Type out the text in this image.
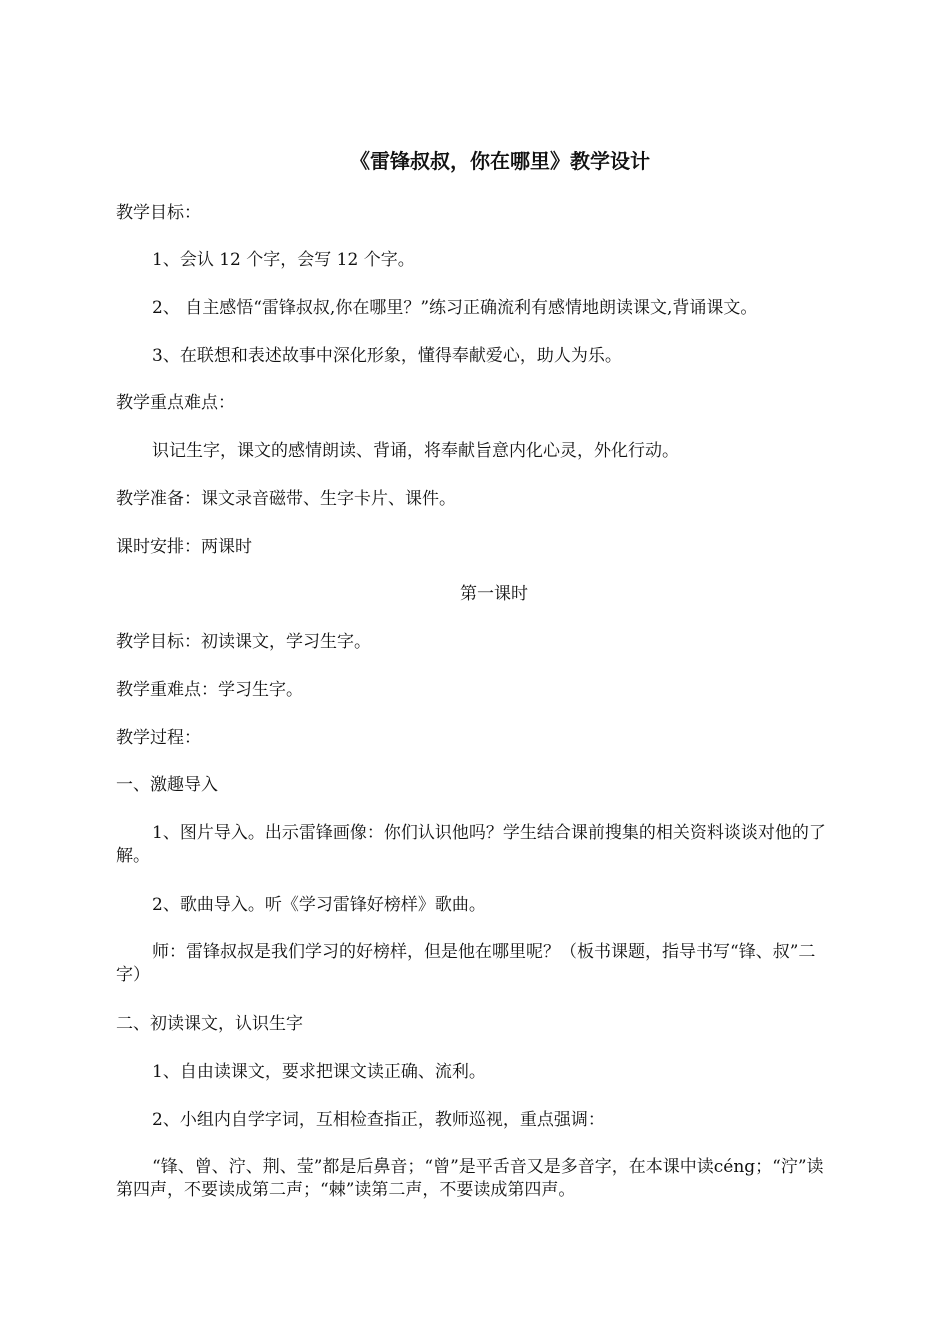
《雷锋叔叔，你在哪里》教学设计

教学目标：

1、会认 12 个字，会写 12 个字。

2、 自主感悟“雷锋叔叔,你在哪里？”练习正确流利有感情地朗读课文,背诵课文。

3、在联想和表述故事中深化形象，懂得奉献爱心，助人为乐。

教学重点难点：

识记生字，课文的感情朗读、背诵，将奉献旨意内化心灵，外化行动。

教学准备：课文录音磁带、生字卡片、课件。

课时安排：两课时

第一课时

教学目标：初读课文，学习生字。

教学重难点：学习生字。

教学过程：

一、激趣导入

1、图片导入。出示雷锋画像：你们认识他吗？学生结合课前搜集的相关资料谈谈对他的了解。

2、歌曲导入。听《学习雷锋好榜样》歌曲。

师：雷锋叔叔是我们学习的好榜样，但是他在哪里呢？（板书课题，指导书写“锋、叔”二字）

二、初读课文，认识生字

1、自由读课文，要求把课文读正确、流利。

2、小组内自学字词，互相检查指正，教师巡视，重点强调：

“锋、曾、泞、荆、莹”都是后鼻音；“曾”是平舌音又是多音字，在本课中读céng；“泞”读第四声，不要读成第二声；“棘”读第二声，不要读成第四声。
